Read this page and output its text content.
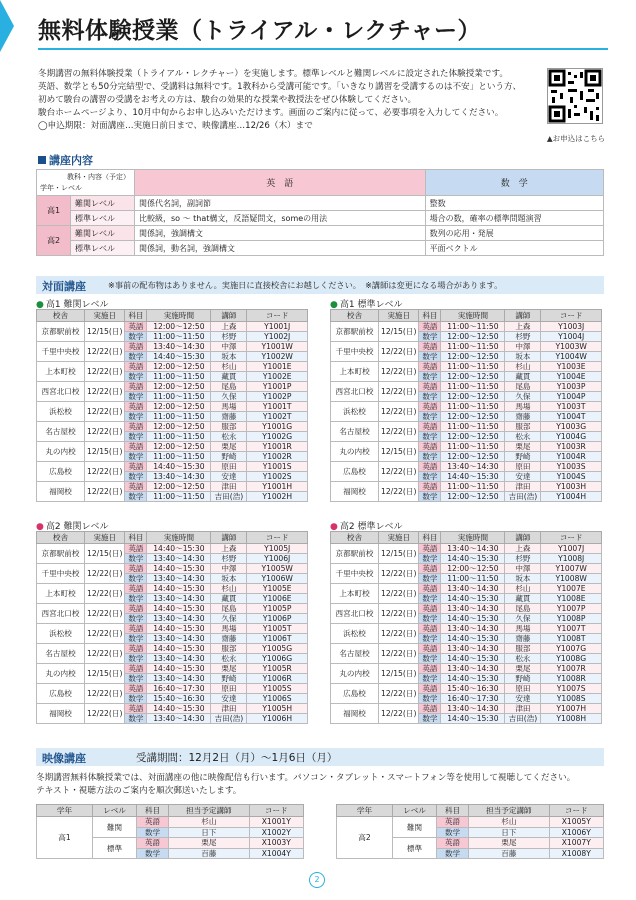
無料体験授業（トライアル・レクチャー）

冬期講習の無料体験授業（トライアル・レクチャー）を実施します。標準レベルと難関レベルに設定された体験授業です。

英語、数学とも50分完結型で、受講料は無料です。1教科から受講可能です。「いきなり講習を受講するのは不安」という方、

初めて駿台の講習の受講をお考えの方は、駿台の効果的な授業や教授法をぜひ体験してください。

駿台ホームページより、10月中旬からお申し込みいただけます。画面のご案内に従って、必要事項を入力してください。

◯申込期限：対面講座…実施日前日まで、映像講座…12/26（木）まで

▲お申込はこちら
講座内容
教科・内容（予定）
学年・レベル		英　語	数　学
高1	難関レベル	関係代名詞，副詞節	整数
	標準レベル	比較級，so ～ that構文，反語疑問文，someの用法	場合の数，確率の標準問題演習
高2	難関レベル	関係詞，強調構文	数列の応用・発展
	標準レベル	関係詞，動名詞，強調構文	平面ベクトル
対面講座	※事前の配布物はありません。実施日に直接校舎にお越しください。　※講師は変更になる場合があります。
● 高1 難関レベル	● 高1 標準レベル
● 高2 難関レベル	● 高2 標準レベル
校舎	実施日	科目	実施時間	講師	コード
京都駅前校	12/15(日)	英語	12:00～12:50	上森	Y1001J
		数学	11:00～11:50	杉野	Y1002J
千里中央校	12/22(日)	英語	13:40～14:30	中澤	Y1001W
		数学	14:40～15:30	坂本	Y1002W
上本町校	12/22(日)	英語	12:00～12:50	杉山	Y1001E
		数学	11:00～11:50	藏貫	Y1002E
西宮北口校	12/22(日)	英語	12:00～12:50	尾島	Y1001P
		数学	11:00～11:50	久保	Y1002P
浜松校	12/22(日)	英語	12:00～12:50	馬場	Y1001T
		数学	11:00～11:50	齋藤	Y1002T
名古屋校	12/22(日)	英語	12:00～12:50	服部	Y1001G
		数学	11:00～11:50	松永	Y1002G
丸の内校	12/15(日)	英語	12:00～12:50	栗尾	Y1001R
		数学	11:00～11:50	野崎	Y1002R
広島校	12/22(日)	英語	14:40～15:30	原田	Y1001S
		数学	13:40～14:30	安達	Y1002S
福岡校	12/22(日)	英語	12:00～12:50	津田	Y1001H
		数学	11:00～11:50	吉田(浩)	Y1002H
校舎	実施日	科目	実施時間	講師	コード
京都駅前校	12/15(日)	英語	11:00～11:50	上森	Y1003J
		数学	12:00～12:50	杉野	Y1004J
千里中央校	12/22(日)	英語	11:00～11:50	中澤	Y1003W
		数学	12:00～12:50	坂本	Y1004W
上本町校	12/22(日)	英語	11:00～11:50	杉山	Y1003E
		数学	12:00～12:50	藏貫	Y1004E
西宮北口校	12/22(日)	英語	11:00～11:50	尾島	Y1003P
		数学	12:00～12:50	久保	Y1004P
浜松校	12/22(日)	英語	11:00～11:50	馬場	Y1003T
		数学	12:00～12:50	齋藤	Y1004T
名古屋校	12/22(日)	英語	11:00～11:50	服部	Y1003G
		数学	12:00～12:50	松永	Y1004G
丸の内校	12/15(日)	英語	11:00～11:50	栗尾	Y1003R
		数学	12:00～12:50	野崎	Y1004R
広島校	12/22(日)	英語	13:40～14:30	原田	Y1003S
		数学	14:40～15:30	安達	Y1004S
福岡校	12/22(日)	英語	11:00～11:50	津田	Y1003H
		数学	12:00～12:50	吉田(浩)	Y1004H
校舎	実施日	科目	実施時間	講師	コード
京都駅前校	12/15(日)	英語	14:40～15:30	上森	Y1005J
		数学	13:40～14:30	杉野	Y1006J
千里中央校	12/22(日)	英語	14:40～15:30	中澤	Y1005W
		数学	13:40～14:30	坂本	Y1006W
上本町校	12/22(日)	英語	14:40～15:30	杉山	Y1005E
		数学	13:40～14:30	藏貫	Y1006E
西宮北口校	12/22(日)	英語	14:40～15:30	尾島	Y1005P
		数学	13:40～14:30	久保	Y1006P
浜松校	12/22(日)	英語	14:40～15:30	馬場	Y1005T
		数学	13:40～14:30	齋藤	Y1006T
名古屋校	12/22(日)	英語	14:40～15:30	服部	Y1005G
		数学	13:40～14:30	松永	Y1006G
丸の内校	12/15(日)	英語	14:40～15:30	栗尾	Y1005R
		数学	13:40～14:30	野崎	Y1006R
広島校	12/22(日)	英語	16:40～17:30	原田	Y1005S
		数学	15:40～16:30	安達	Y1006S
福岡校	12/22(日)	英語	14:40～15:30	津田	Y1005H
		数学	13:40～14:30	吉田(浩)	Y1006H
校舎	実施日	科目	実施時間	講師	コード
京都駅前校	12/15(日)	英語	13:40～14:30	上森	Y1007J
		数学	14:40～15:30	杉野	Y1008J
千里中央校	12/22(日)	英語	12:00～12:50	中澤	Y1007W
		数学	11:00～11:50	坂本	Y1008W
上本町校	12/22(日)	英語	13:40～14:30	杉山	Y1007E
		数学	14:40～15:30	藏貫	Y1008E
西宮北口校	12/22(日)	英語	13:40～14:30	尾島	Y1007P
		数学	14:40～15:30	久保	Y1008P
浜松校	12/22(日)	英語	13:40～14:30	馬場	Y1007T
		数学	14:40～15:30	齋藤	Y1008T
名古屋校	12/22(日)	英語	13:40～14:30	服部	Y1007G
		数学	14:40～15:30	松永	Y1008G
丸の内校	12/15(日)	英語	13:40～14:30	栗尾	Y1007R
		数学	14:40～15:30	野崎	Y1008R
広島校	12/22(日)	英語	15:40～16:30	原田	Y1007S
		数学	16:40～17:30	安達	Y1008S
福岡校	12/22(日)	英語	13:40～14:30	津田	Y1007H
		数学	14:40～15:30	吉田(浩)	Y1008H
映像講座	受講期間：12月2日（月）～1月6日（月）

冬期講習無料体験授業では、対面講座の他に映像配信も行います。パソコン・タブレット・スマートフォン等を使用して視聴してください。

テキスト・視聴方法のご案内を順次郵送いたします。

学年	レベル	科目	担当予定講師	コード
高1	難関	英語	杉山	X1001Y
		数学	日下	X1002Y
	標準	英語	栗尾	X1003Y
		数学	百藤	X1004Y
学年	レベル	科目	担当予定講師	コード
高2	難関	英語	杉山	X1005Y
		数学	日下	X1006Y
	標準	英語	栗尾	X1007Y
		数学	百藤	X1008Y
2
